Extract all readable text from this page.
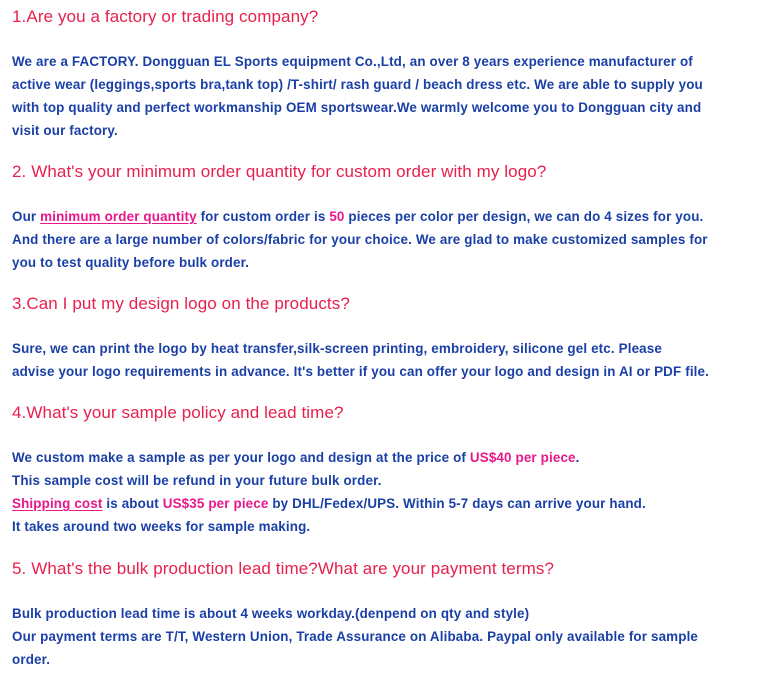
1.Are you a factory or trading company?

We are a FACTORY. Dongguan EL Sports equipment Co.,Ltd, an over 8 years experience manufacturer of
active wear (leggings,sports bra,tank top) /T-shirt/ rash guard / beach dress etc. We are able to supply you
with top quality and perfect workmanship OEM sportswear.We warmly welcome you to Dongguan city and
visit our factory.

2. What's your minimum order quantity for custom order with my logo?

Our minimum order quantity for custom order is 50 pieces per color per design, we can do 4 sizes for you.
And there are a large number of colors/fabric for your choice. We are glad to make customized samples for
you to test quality before bulk order.

3.Can I put my design logo on the products?

Sure, we can print the logo by heat transfer,silk-screen printing, embroidery, silicone gel etc. Please
advise your logo requirements in advance. It's better if you can offer your logo and design in AI or PDF file.

4.What's your sample policy and lead time?

We custom make a sample as per your logo and design at the price of US$40 per piece.
This sample cost will be refund in your future bulk order.
Shipping cost is about US$35 per piece by DHL/Fedex/UPS. Within 5-7 days can arrive your hand.
It takes around two weeks for sample making.

5. What's the bulk production lead time?What are your payment terms?

Bulk production lead time is about 4 weeks workday.(denpend on qty and style)
Our payment terms are T/T, Western Union, Trade Assurance on Alibaba. Paypal only available for sample
order.
